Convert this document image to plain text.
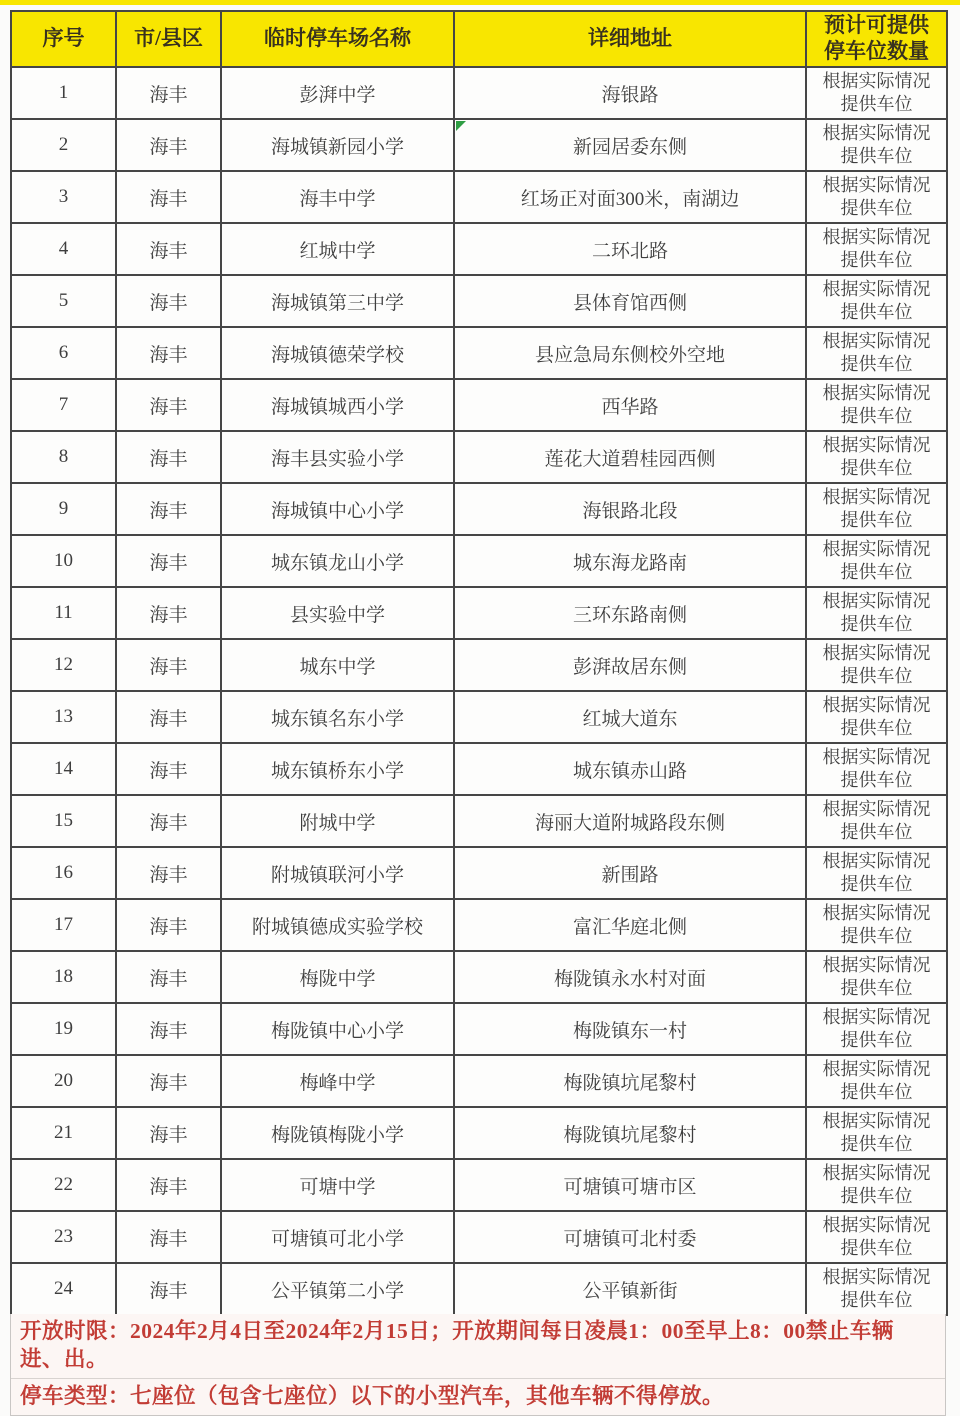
序号	市/县区	临时停车场名称	详细地址	预计可提供停车位数量
1	海丰	彭湃中学	海银路	根据实际情况提供车位
2	海丰	海城镇新园小学	新园居委东侧	根据实际情况提供车位
3	海丰	海丰中学	红场正对面300米，南湖边	根据实际情况提供车位
4	海丰	红城中学	二环北路	根据实际情况提供车位
5	海丰	海城镇第三中学	县体育馆西侧	根据实际情况提供车位
6	海丰	海城镇德荣学校	县应急局东侧校外空地	根据实际情况提供车位
7	海丰	海城镇城西小学	西华路	根据实际情况提供车位
8	海丰	海丰县实验小学	莲花大道碧桂园西侧	根据实际情况提供车位
9	海丰	海城镇中心小学	海银路北段	根据实际情况提供车位
10	海丰	城东镇龙山小学	城东海龙路南	根据实际情况提供车位
11	海丰	县实验中学	三环东路南侧	根据实际情况提供车位
12	海丰	城东中学	彭湃故居东侧	根据实际情况提供车位
13	海丰	城东镇名东小学	红城大道东	根据实际情况提供车位
14	海丰	城东镇桥东小学	城东镇赤山路	根据实际情况提供车位
15	海丰	附城中学	海丽大道附城路段东侧	根据实际情况提供车位
16	海丰	附城镇联河小学	新围路	根据实际情况提供车位
17	海丰	附城镇德成实验学校	富汇华庭北侧	根据实际情况提供车位
18	海丰	梅陇中学	梅陇镇永水村对面	根据实际情况提供车位
19	海丰	梅陇镇中心小学	梅陇镇东一村	根据实际情况提供车位
20	海丰	梅峰中学	梅陇镇坑尾黎村	根据实际情况提供车位
21	海丰	梅陇镇梅陇小学	梅陇镇坑尾黎村	根据实际情况提供车位
22	海丰	可塘中学	可塘镇可塘市区	根据实际情况提供车位
23	海丰	可塘镇可北小学	可塘镇可北村委	根据实际情况提供车位
24	海丰	公平镇第二小学	公平镇新街	根据实际情况提供车位
开放时限：2024年2月4日至2024年2月15日；开放期间每日凌晨1：00至早上8：00禁止车辆进、出。
停车类型：七座位（包含七座位）以下的小型汽车，其他车辆不得停放。
